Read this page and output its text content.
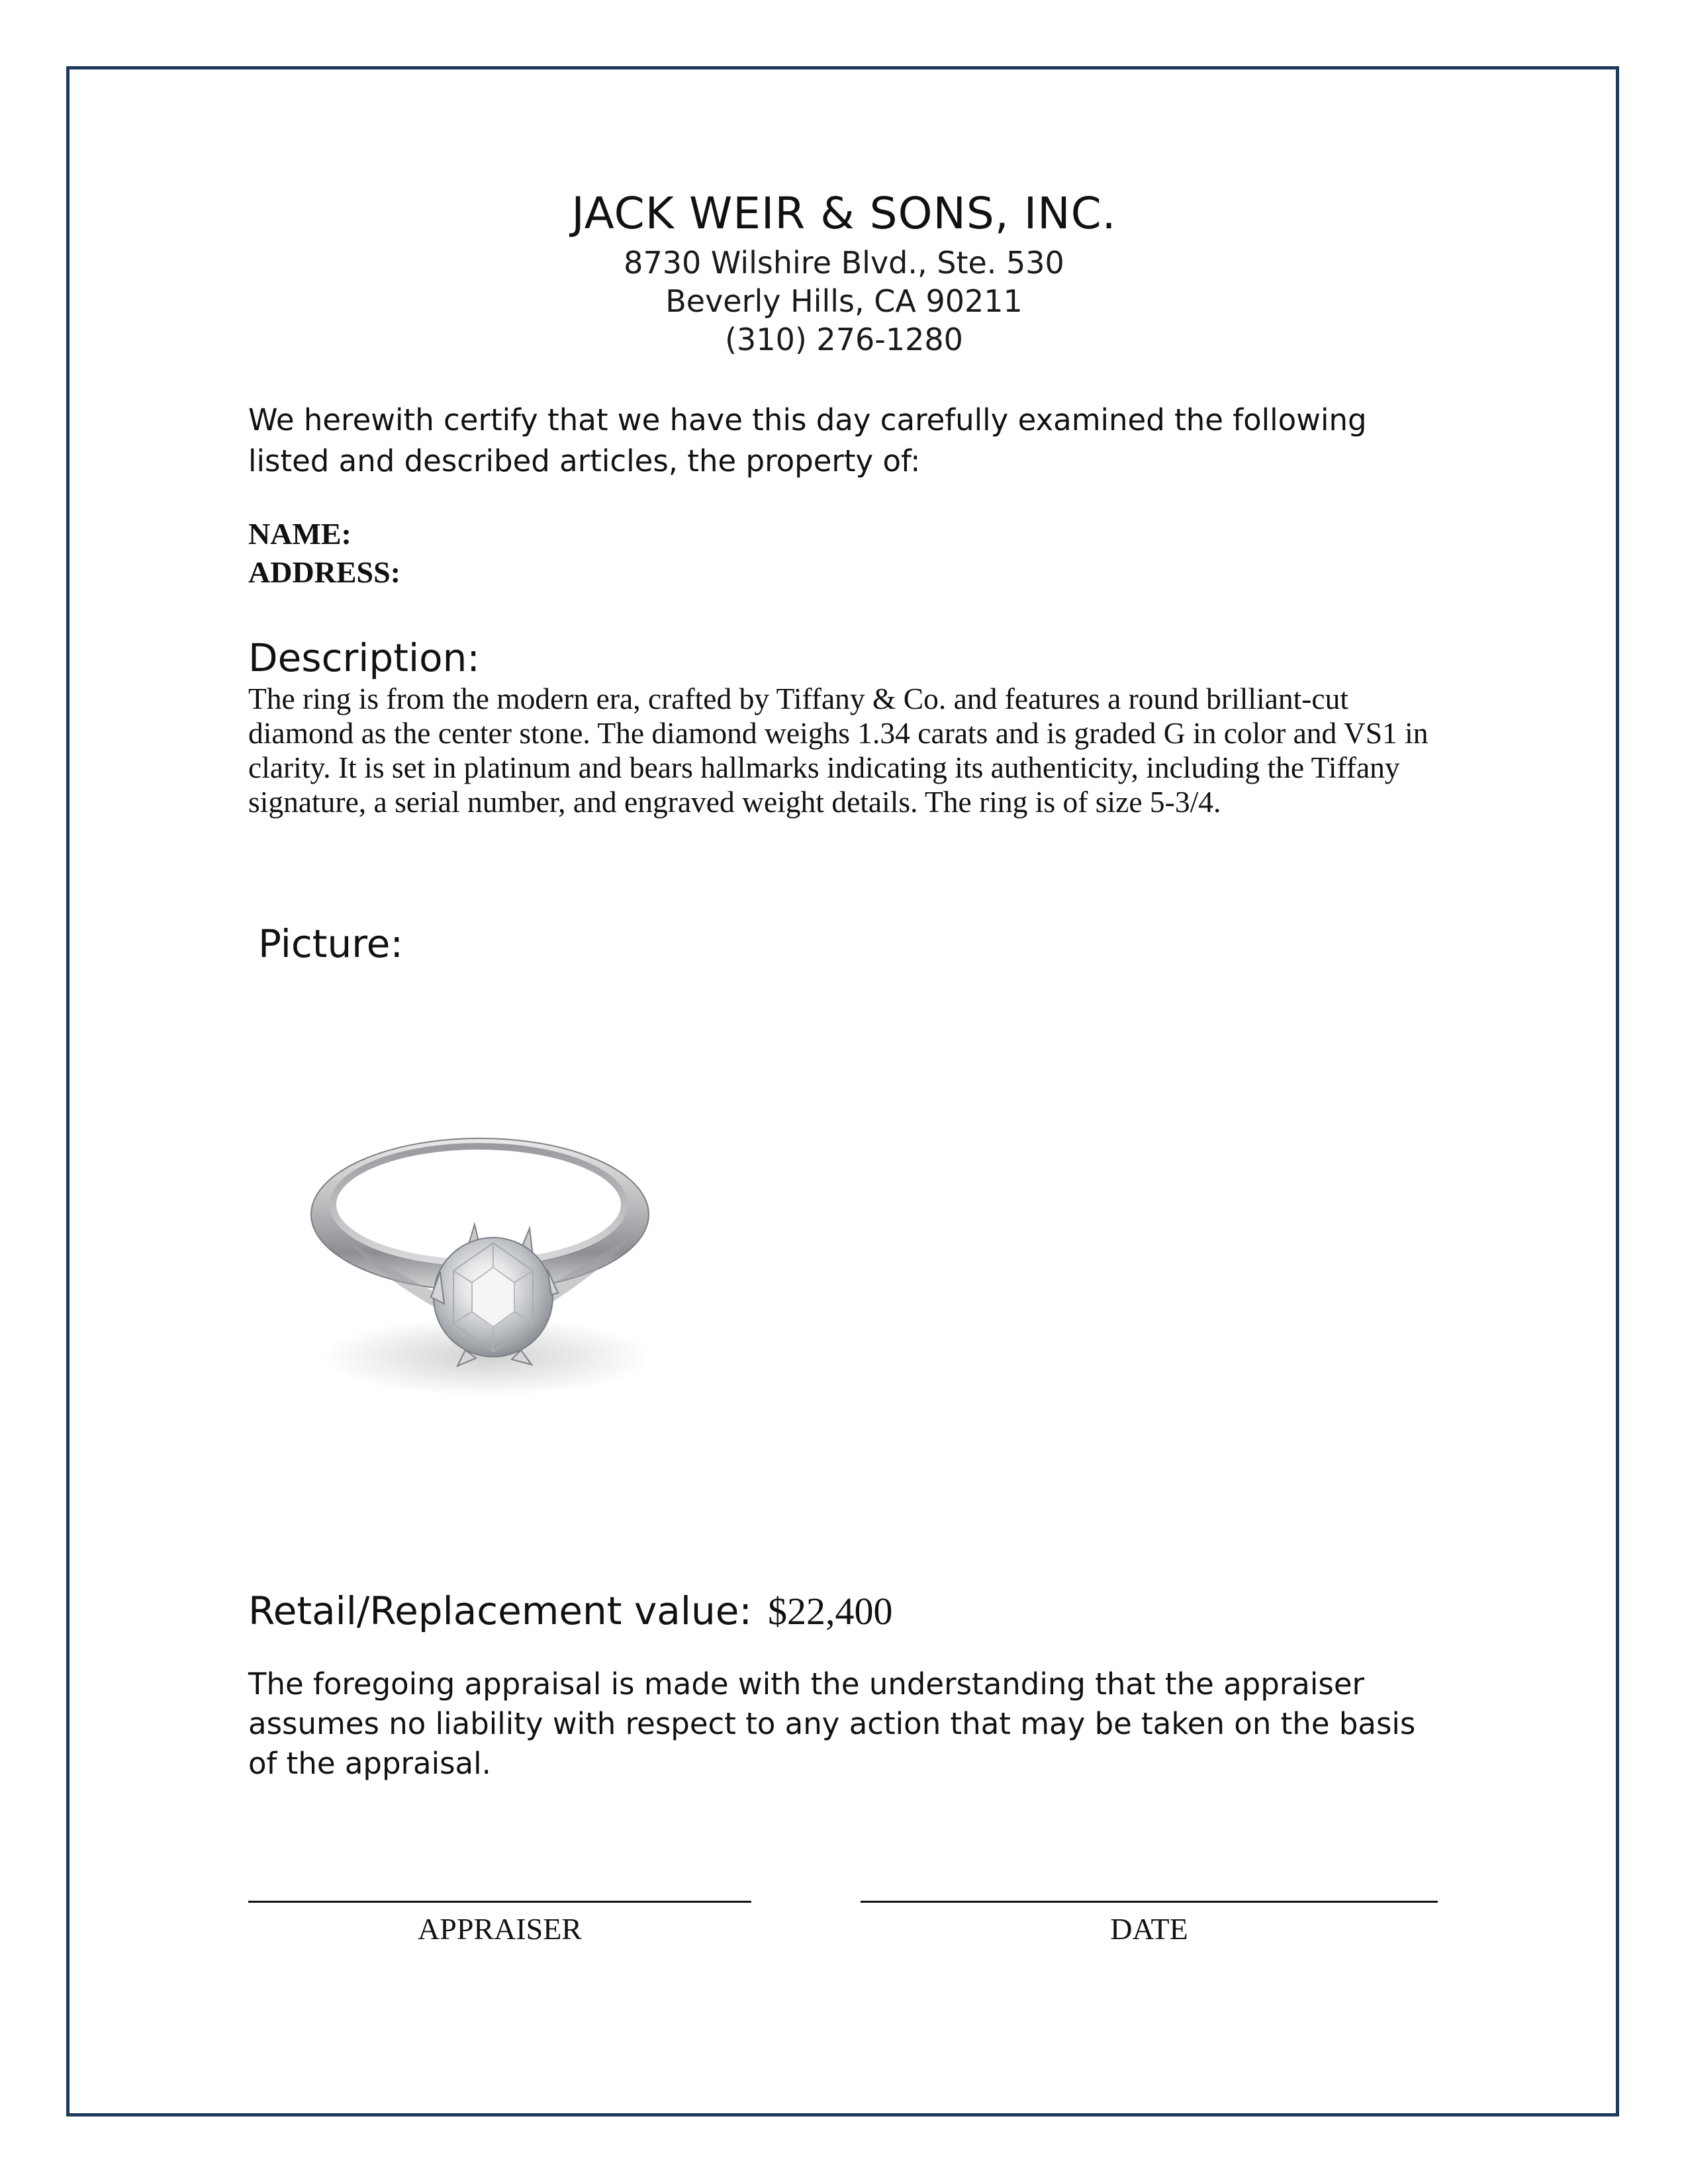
JACK WEIR & SONS, INC.
8730 Wilshire Blvd., Ste. 530
Beverly Hills, CA 90211
(310) 276-1280
We herewith certify that we have this day carefully examined the following listed and described articles, the property of:
NAME:
ADDRESS:
Description:
The ring is from the modern era, crafted by Tiffany & Co. and features a round brilliant-cut diamond as the center stone. The diamond weighs 1.34 carats and is graded G in color and VS1 in clarity. It is set in platinum and bears hallmarks indicating its authenticity, including the Tiffany signature, a serial number, and engraved weight details. The ring is of size 5-3/4.
Picture:
Retail/Replacement value: $22,400
The foregoing appraisal is made with the understanding that the appraiser assumes no liability with respect to any action that may be taken on the basis of the appraisal.
APPRAISER	DATE
